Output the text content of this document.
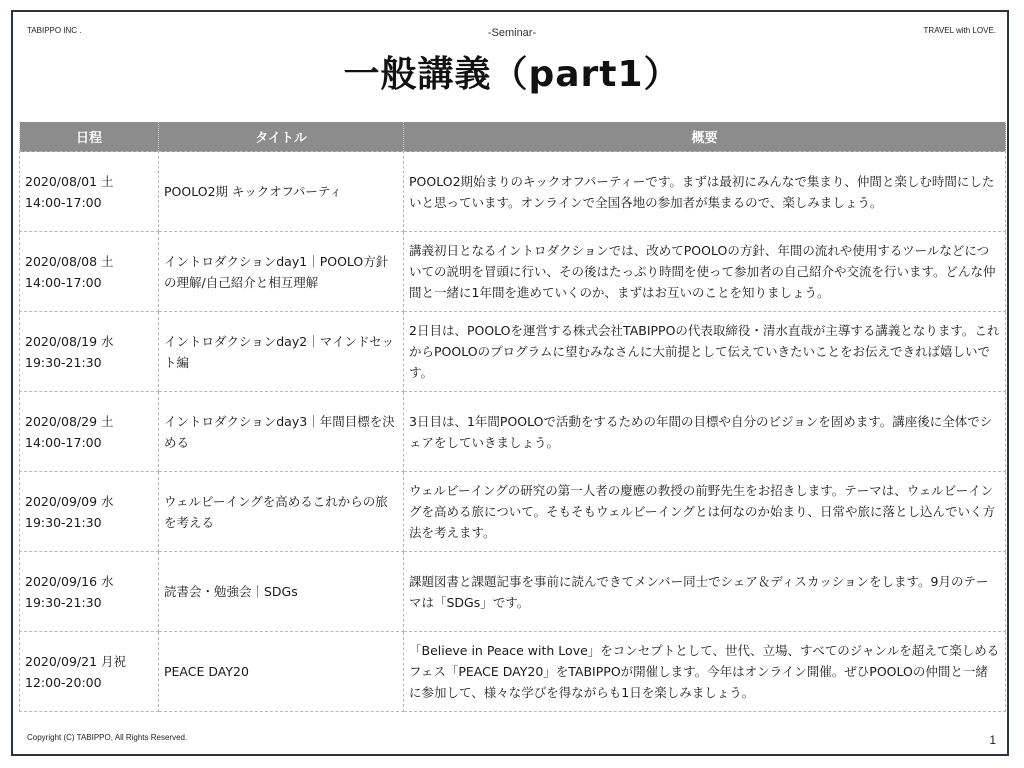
TABIPPO INC .	TRAVEL with LOVE.
-Seminar-
一般講義（part1）
日程	タイトル	概要

2020/08/01 土
14:00-17:00	POOLO2期 キックオフパーティ	POOLO2期始まりのキックオフパーティーです。まずは最初にみんなで集まり、仲間と楽しむ時間にしたいと思っています。オンラインで全国各地の参加者が集まるので、楽しみましょう。

2020/08/08 土
14:00-17:00	イントロダクションday1｜POOLO方針の理解/自己紹介と相互理解	講義初日となるイントロダクションでは、改めてPOOLOの方針、年間の流れや使用するツールなどについての説明を冒頭に行い、その後はたっぷり時間を使って参加者の自己紹介や交流を行います。どんな仲間と一緒に1年間を進めていくのか、まずはお互いのことを知りましょう。

2020/08/19 水
19:30-21:30	イントロダクションday2｜マインドセット編	2日目は、POOLOを運営する株式会社TABIPPOの代表取締役・清水直哉が主導する講義となります。これからPOOLOのプログラムに望むみなさんに大前提として伝えていきたいことをお伝えできれば嬉しいです。

2020/08/29 土
14:00-17:00	イントロダクションday3｜年間目標を決める	3日目は、1年間POOLOで活動をするための年間の目標や自分のビジョンを固めます。講座後に全体でシェアをしていきましょう。

2020/09/09 水
19:30-21:30	ウェルビーイングを高めるこれからの旅を考える	ウェルビーイングの研究の第一人者の慶應の教授の前野先生をお招きします。テーマは、ウェルビーイングを高める旅について。そもそもウェルビーイングとは何なのか始まり、日常や旅に落とし込んでいく方法を考えます。

2020/09/16 水
19:30-21:30	読書会・勉強会｜SDGs	課題図書と課題記事を事前に読んできてメンバー同士でシェア＆ディスカッションをします。9月のテーマは「SDGs」です。

2020/09/21 月祝
12:00-20:00	PEACE DAY20	「Believe in Peace with Love」をコンセプトとして、世代、立場、すべてのジャンルを超えて楽しめるフェス「PEACE DAY20」をTABIPPOが開催します。今年はオンライン開催。ぜひPOOLOの仲間と一緒に参加して、様々な学びを得ながらも1日を楽しみましょう。
Copyright (C) TABIPPO, All Rights Reserved.	1
